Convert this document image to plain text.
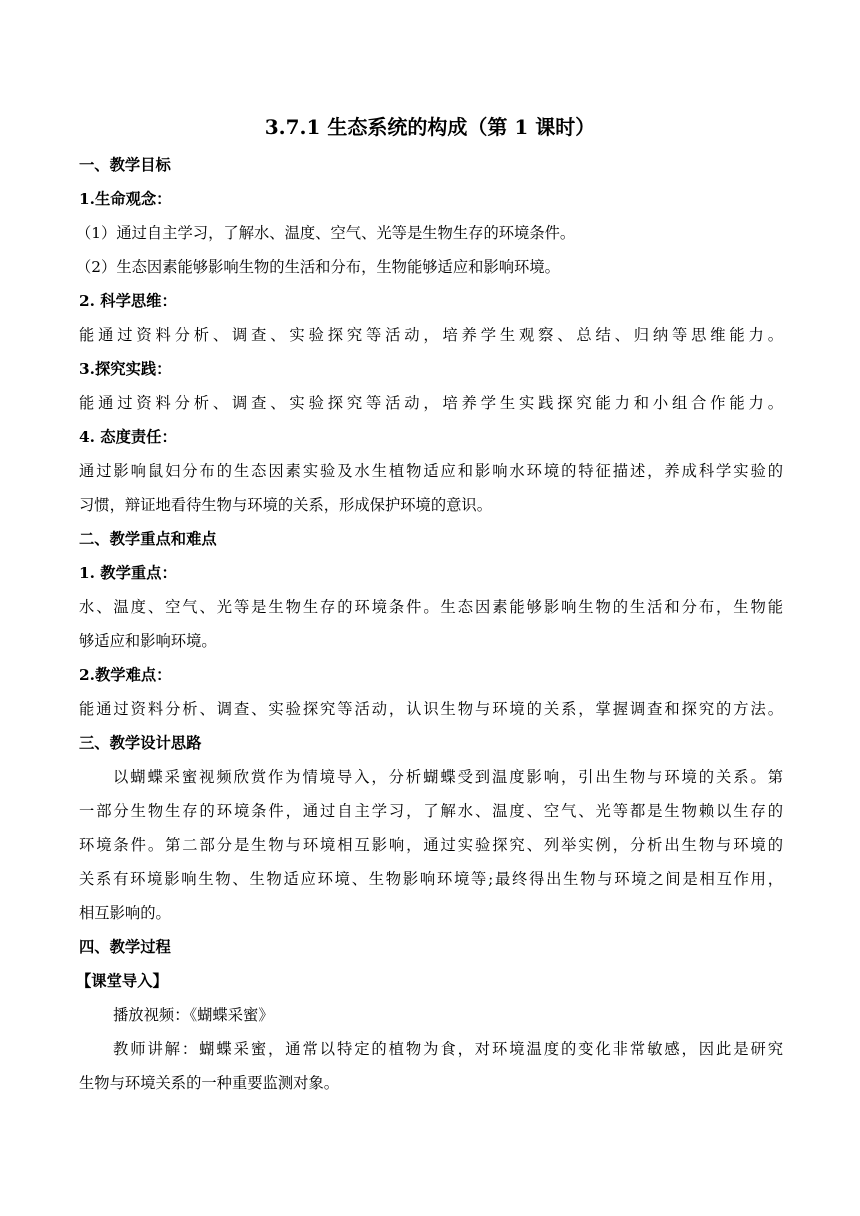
3.7.1 生态系统的构成（第 1 课时）
一、教学目标
1.生命观念：
（1）通过自主学习，了解水、温度、空气、光等是生物生存的环境条件。
（2）生态因素能够影响生物的生活和分布，生物能够适应和影响环境。
2. 科学思维：
能通过资料分析、调查、实验探究等活动，培养学生观察、总结、归纳等思维能力。
3.探究实践：
能通过资料分析、调查、实验探究等活动，培养学生实践探究能力和小组合作能力。
4. 态度责任：
通过影响鼠妇分布的生态因素实验及水生植物适应和影响水环境的特征描述，养成科学实验的
习惯，辩证地看待生物与环境的关系，形成保护环境的意识。
二、教学重点和难点
1. 教学重点：
水、温度、空气、光等是生物生存的环境条件。生态因素能够影响生物的生活和分布，生物能
够适应和影响环境。
2.教学难点：
能通过资料分析、调查、实验探究等活动，认识生物与环境的关系，掌握调查和探究的方法。
三、教学设计思路
以蝴蝶采蜜视频欣赏作为情境导入，分析蝴蝶受到温度影响，引出生物与环境的关系。第
一部分生物生存的环境条件，通过自主学习，了解水、温度、空气、光等都是生物赖以生存的
环境条件。第二部分是生物与环境相互影响，通过实验探究、列举实例，分析出生物与环境的
关系有环境影响生物、生物适应环境、生物影响环境等;最终得出生物与环境之间是相互作用，
相互影响的。
四、教学过程
【课堂导入】
播放视频：《蝴蝶采蜜》
教师讲解：蝴蝶采蜜，通常以特定的植物为食，对环境温度的变化非常敏感，因此是研究
生物与环境关系的一种重要监测对象。
